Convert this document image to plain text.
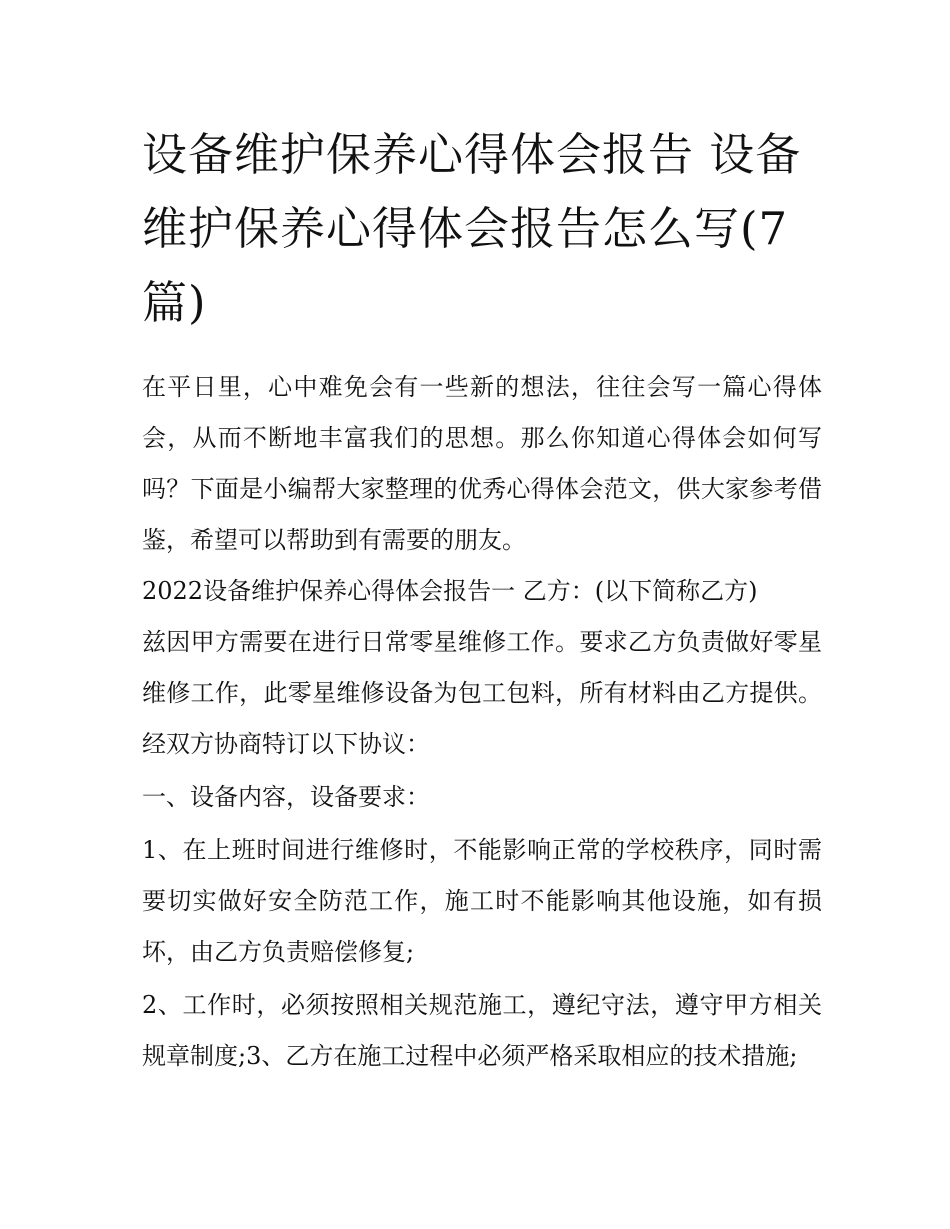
设备维护保养心得体会报告 设备维护保养心得体会报告怎么写(7篇)

在平日里，心中难免会有一些新的想法，往往会写一篇心得体会，从而不断地丰富我们的思想。那么你知道心得体会如何写吗？下面是小编帮大家整理的优秀心得体会范文，供大家参考借鉴，希望可以帮助到有需要的朋友。

2022设备维护保养心得体会报告一 乙方：(以下简称乙方)

兹因甲方需要在进行日常零星维修工作。要求乙方负责做好零星维修工作，此零星维修设备为包工包料，所有材料由乙方提供。经双方协商特订以下协议：

一、设备内容，设备要求：

1、在上班时间进行维修时，不能影响正常的学校秩序，同时需要切实做好安全防范工作，施工时不能影响其他设施，如有损坏，由乙方负责赔偿修复;

2、工作时，必须按照相关规范施工，遵纪守法，遵守甲方相关规章制度;3、乙方在施工过程中必须严格采取相应的技术措施;
